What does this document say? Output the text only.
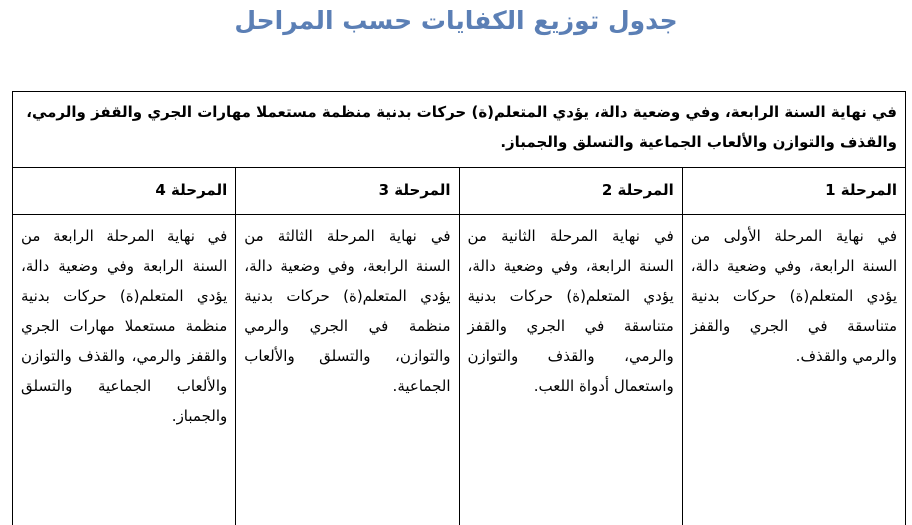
جدول توزيع الكفايات حسب المراحل
في نهاية السنة الرابعة، وفي وضعية دالة، يؤدي المتعلم(ة) حركات بدنية منظمة مستعملا مهارات الجري والقفز والرمي، والقذف والتوازن والألعاب الجماعية والتسلق والجمباز.			
المرحلة 1	المرحلة 2	المرحلة 3	المرحلة 4
في نهاية المرحلة الأولى من السنة الرابعة، وفي وضعية دالة، يؤدي المتعلم(ة) حركات بدنية متناسقة في الجري والقفز والرمي والقذف.	في نهاية المرحلة الثانية من السنة الرابعة، وفي وضعية دالة، يؤدي المتعلم(ة) حركات بدنية متناسقة في الجري والقفز والرمي، والقذف والتوازن واستعمال أدواة اللعب.	في نهاية المرحلة الثالثة من السنة الرابعة، وفي وضعية دالة، يؤدي المتعلم(ة) حركات بدنية منظمة في الجري والرمي والتوازن، والتسلق والألعاب الجماعية.	في نهاية المرحلة الرابعة من السنة الرابعة وفي وضعية دالة، يؤدي المتعلم(ة) حركات بدنية منظمة مستعملا مهارات الجري والقفز والرمي، والقذف والتوازن والألعاب الجماعية والتسلق والجمباز.
